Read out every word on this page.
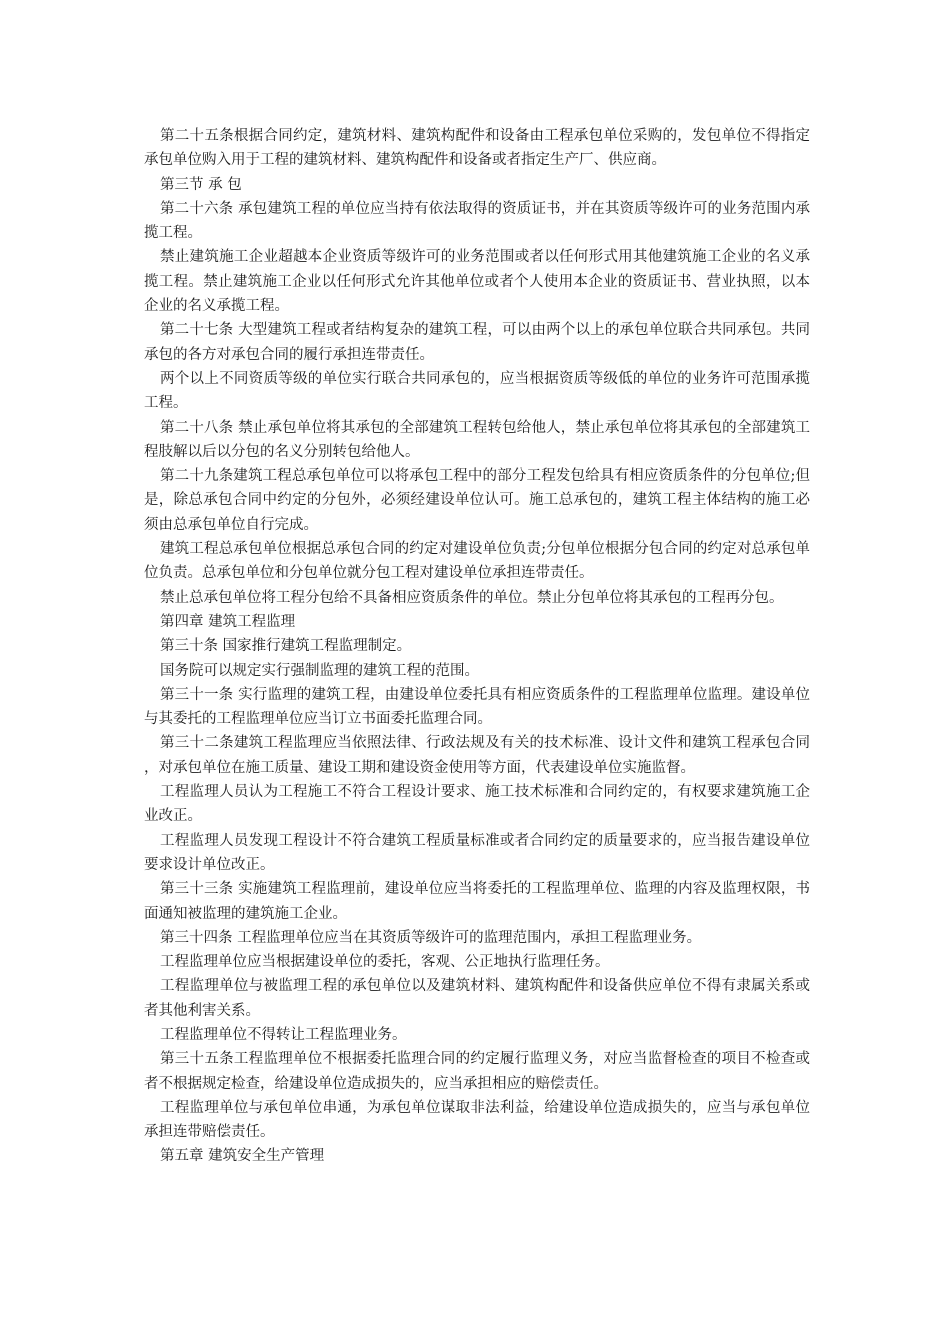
第二十五条根据合同约定，建筑材料、建筑构配件和设备由工程承包单位采购的，发包单位不得指定承包单位购入用于工程的建筑材料、建筑构配件和设备或者指定生产厂、供应商。

第三节 承 包

第二十六条 承包建筑工程的单位应当持有依法取得的资质证书，并在其资质等级许可的业务范围内承揽工程。

禁止建筑施工企业超越本企业资质等级许可的业务范围或者以任何形式用其他建筑施工企业的名义承揽工程。禁止建筑施工企业以任何形式允许其他单位或者个人使用本企业的资质证书、营业执照，以本企业的名义承揽工程。

第二十七条 大型建筑工程或者结构复杂的建筑工程，可以由两个以上的承包单位联合共同承包。共同承包的各方对承包合同的履行承担连带责任。

两个以上不同资质等级的单位实行联合共同承包的，应当根据资质等级低的单位的业务许可范围承揽工程。

第二十八条 禁止承包单位将其承包的全部建筑工程转包给他人，禁止承包单位将其承包的全部建筑工程肢解以后以分包的名义分别转包给他人。

第二十九条建筑工程总承包单位可以将承包工程中的部分工程发包给具有相应资质条件的分包单位;但是，除总承包合同中约定的分包外，必须经建设单位认可。施工总承包的，建筑工程主体结构的施工必须由总承包单位自行完成。

建筑工程总承包单位根据总承包合同的约定对建设单位负责;分包单位根据分包合同的约定对总承包单位负责。总承包单位和分包单位就分包工程对建设单位承担连带责任。

禁止总承包单位将工程分包给不具备相应资质条件的单位。禁止分包单位将其承包的工程再分包。

第四章 建筑工程监理

第三十条 国家推行建筑工程监理制定。

国务院可以规定实行强制监理的建筑工程的范围。

第三十一条 实行监理的建筑工程，由建设单位委托具有相应资质条件的工程监理单位监理。建设单位与其委托的工程监理单位应当订立书面委托监理合同。

第三十二条建筑工程监理应当依照法律、行政法规及有关的技术标准、设计文件和建筑工程承包合同，对承包单位在施工质量、建设工期和建设资金使用等方面，代表建设单位实施监督。

工程监理人员认为工程施工不符合工程设计要求、施工技术标准和合同约定的，有权要求建筑施工企业改正。

工程监理人员发现工程设计不符合建筑工程质量标准或者合同约定的质量要求的，应当报告建设单位要求设计单位改正。

第三十三条 实施建筑工程监理前，建设单位应当将委托的工程监理单位、监理的内容及监理权限，书面通知被监理的建筑施工企业。

第三十四条 工程监理单位应当在其资质等级许可的监理范围内，承担工程监理业务。

工程监理单位应当根据建设单位的委托，客观、公正地执行监理任务。

工程监理单位与被监理工程的承包单位以及建筑材料、建筑构配件和设备供应单位不得有隶属关系或者其他利害关系。

工程监理单位不得转让工程监理业务。

第三十五条工程监理单位不根据委托监理合同的约定履行监理义务，对应当监督检查的项目不检查或者不根据规定检查，给建设单位造成损失的，应当承担相应的赔偿责任。

工程监理单位与承包单位串通，为承包单位谋取非法利益，给建设单位造成损失的，应当与承包单位承担连带赔偿责任。

第五章 建筑安全生产管理
